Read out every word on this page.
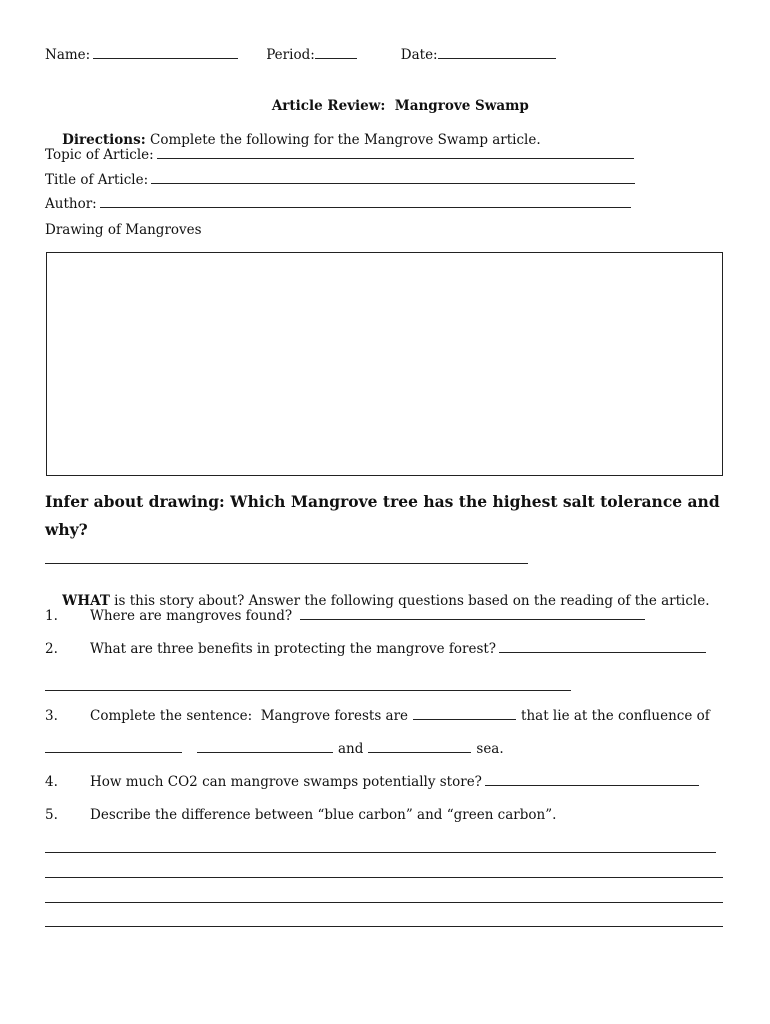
Name:	Period:	Date:

Article Review: Mangrove Swamp

Directions: Complete the following for the Mangrove Swamp article.

Topic of Article:
Title of Article:
Author:
Drawing of Mangroves
Infer about drawing: Which Mangrove tree has the highest salt tolerance and why?

WHAT is this story about? Answer the following questions based on the reading of the article.

1.	Where are mangroves found?
2.	What are three benefits in protecting the mangrove forest?
3.	Complete the sentence:  Mangrove forests are	that lie at the confluence of
and	sea.
4.	How much CO2 can mangrove swamps potentially store?
5.	Describe the difference between “blue carbon” and “green carbon”.
